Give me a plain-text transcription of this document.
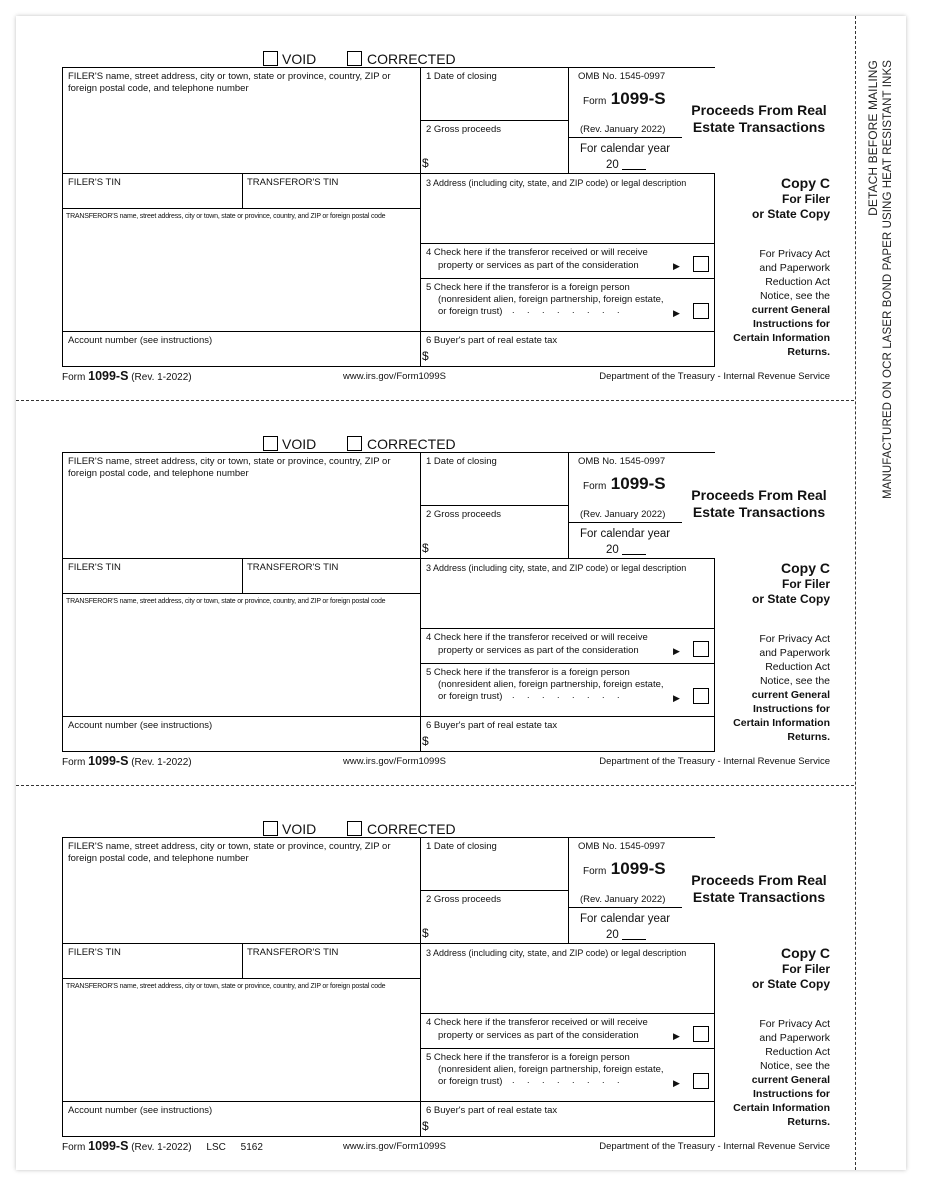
DETACH BEFORE MAILING MANUFACTURED ON OCR LASER BOND PAPER USING HEAT RESISTANT INKS
VOID	CORRECTED
FILER'S name, street address, city or town, state or province, country, ZIP or foreign postal code, and telephone number
1 Date of closing
2 Gross proceeds
$
OMB No. 1545-0997
Form 1099-S
(Rev. January 2022)
For calendar year
20
Proceeds From Real
Estate Transactions
FILER'S TIN	TRANSFEROR'S TIN	3 Address (including city, state, and ZIP code) or legal description
TRANSFEROR'S name, street address, city or town, state or province, country, and ZIP or foreign postal code
4 Check here if the transferor received or will receive
property or services as part of the consideration	▶
5 Check here if the transferor is a foreign person
(nonresident alien, foreign partnership, foreign estate,
or foreign trust) . . . . . . . .	▶
Account number (see instructions)	6 Buyer's part of real estate tax
$
Copy C
For Filer
or State Copy
For Privacy Act
and Paperwork
Reduction Act
Notice, see the
current General
Instructions for
Certain Information
Returns.
Form 1099-S (Rev. 1-2022)	www.irs.gov/Form1099S	Department of the Treasury - Internal Revenue Service
VOID	CORRECTED
FILER'S name, street address, city or town, state or province, country, ZIP or foreign postal code, and telephone number
1 Date of closing
2 Gross proceeds
$
OMB No. 1545-0997
Form 1099-S
(Rev. January 2022)
For calendar year
20
Proceeds From Real
Estate Transactions
FILER'S TIN	TRANSFEROR'S TIN	3 Address (including city, state, and ZIP code) or legal description
TRANSFEROR'S name, street address, city or town, state or province, country, and ZIP or foreign postal code
4 Check here if the transferor received or will receive
property or services as part of the consideration	▶
5 Check here if the transferor is a foreign person
(nonresident alien, foreign partnership, foreign estate,
or foreign trust) . . . . . . . .	▶
Account number (see instructions)	6 Buyer's part of real estate tax
$
Copy C
For Filer
or State Copy
For Privacy Act
and Paperwork
Reduction Act
Notice, see the
current General
Instructions for
Certain Information
Returns.
Form 1099-S (Rev. 1-2022)	www.irs.gov/Form1099S	Department of the Treasury - Internal Revenue Service
VOID	CORRECTED
FILER'S name, street address, city or town, state or province, country, ZIP or foreign postal code, and telephone number
1 Date of closing
2 Gross proceeds
$
OMB No. 1545-0997
Form 1099-S
(Rev. January 2022)
For calendar year
20
Proceeds From Real
Estate Transactions
FILER'S TIN	TRANSFEROR'S TIN	3 Address (including city, state, and ZIP code) or legal description
TRANSFEROR'S name, street address, city or town, state or province, country, and ZIP or foreign postal code
4 Check here if the transferor received or will receive
property or services as part of the consideration	▶
5 Check here if the transferor is a foreign person
(nonresident alien, foreign partnership, foreign estate,
or foreign trust) . . . . . . . .	▶
Account number (see instructions)	6 Buyer's part of real estate tax
$
Copy C
For Filer
or State Copy
For Privacy Act
and Paperwork
Reduction Act
Notice, see the
current General
Instructions for
Certain Information
Returns.
Form 1099-S (Rev. 1-2022) LSC 5162	www.irs.gov/Form1099S	Department of the Treasury - Internal Revenue Service
